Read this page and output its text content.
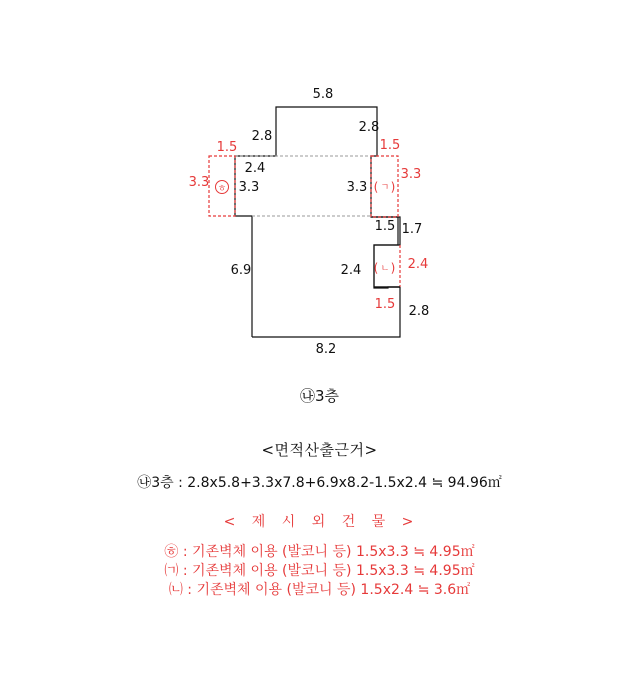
5.8
2.8
2.8
2.4
3.3	3.3
1.5 1.7
6.9	2.4
2.8
8.2
1.5
3.3
1.5
3.3
2.4
1.5
ㅎ	( ㄱ )
( ㄴ )
㉯3층
<면적산출근거>
㉯3층 : 2.8x5.8+3.3x7.8+6.9x8.2-1.5x2.4 ≒ 94.96㎡
< 제 시 외 건 물 >
㉭ : 기존벽체 이용 (발코니 등) 1.5x3.3 ≒ 4.95㎡
㈀ : 기존벽체 이용 (발코니 등) 1.5x3.3 ≒ 4.95㎡
㈁ : 기존벽체 이용 (발코니 등) 1.5x2.4 ≒ 3.6㎡
